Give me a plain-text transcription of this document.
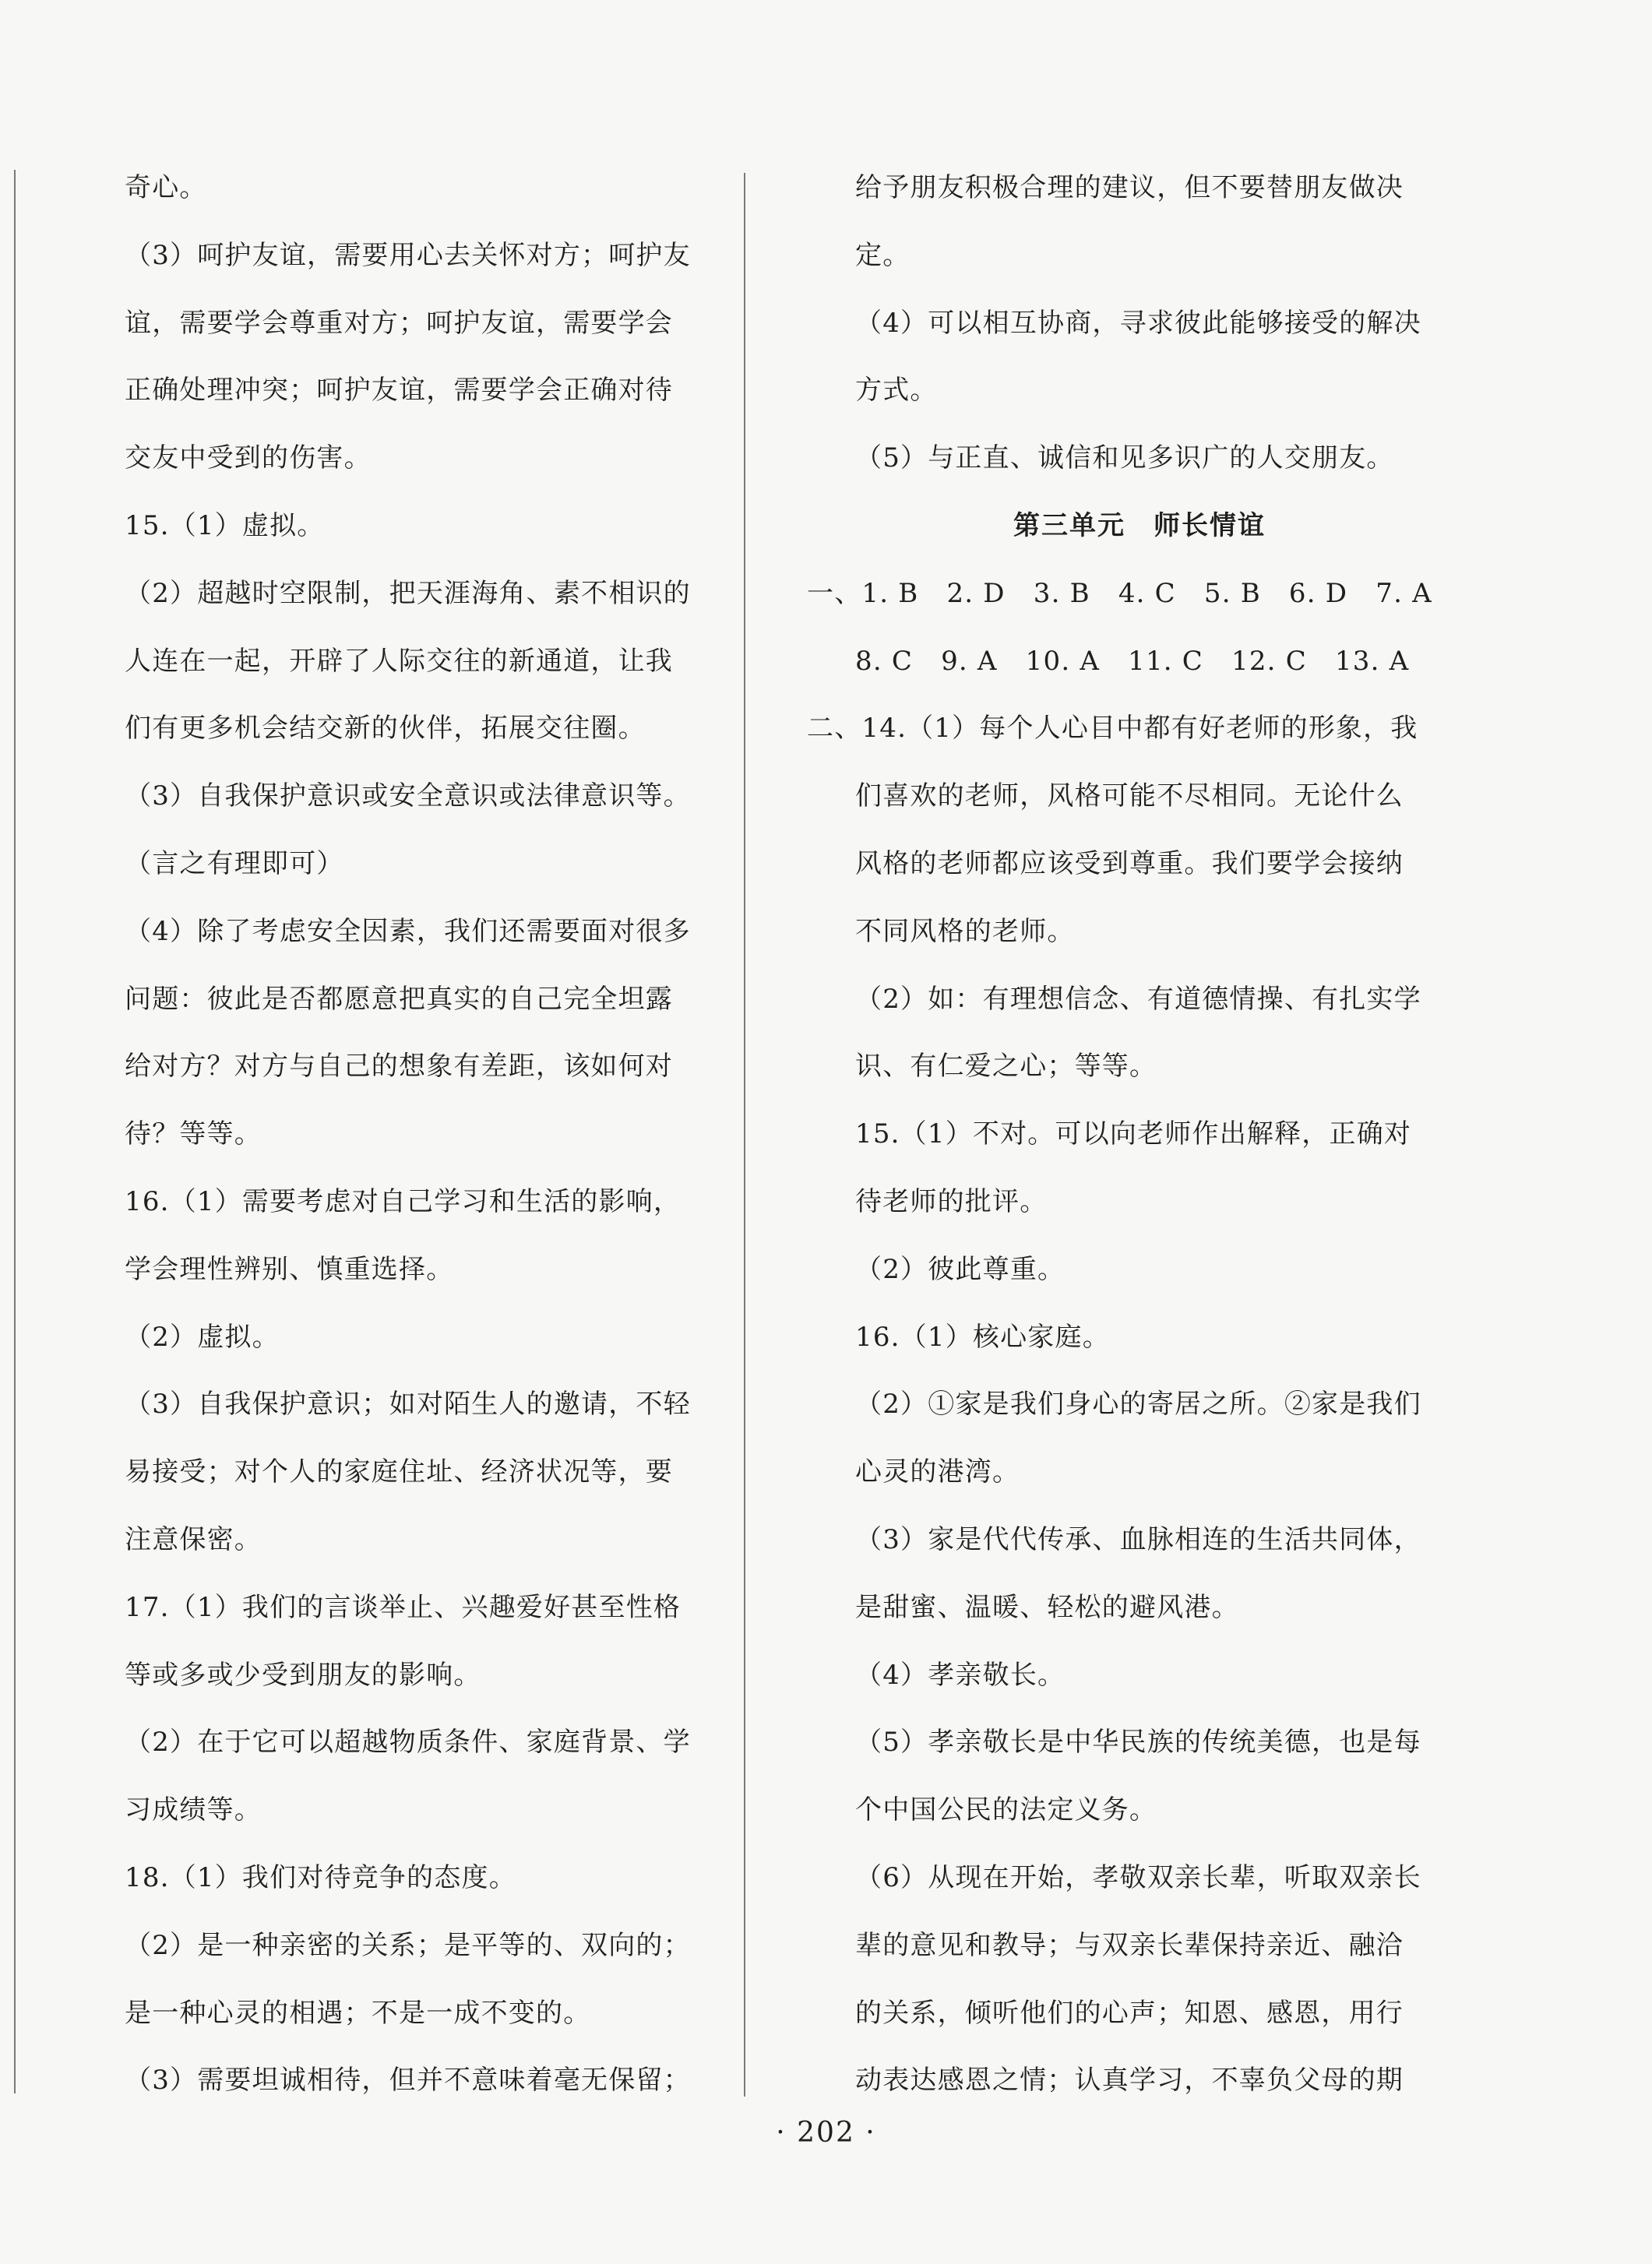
奇心。
（3）呵护友谊，需要用心去关怀对方；呵护友
谊，需要学会尊重对方；呵护友谊，需要学会
正确处理冲突；呵护友谊，需要学会正确对待
交友中受到的伤害。
15.（1）虚拟。
（2）超越时空限制，把天涯海角、素不相识的
人连在一起，开辟了人际交往的新通道，让我
们有更多机会结交新的伙伴，拓展交往圈。
（3）自我保护意识或安全意识或法律意识等。
（言之有理即可）
（4）除了考虑安全因素，我们还需要面对很多
问题：彼此是否都愿意把真实的自己完全坦露
给对方？对方与自己的想象有差距，该如何对
待？等等。
16.（1）需要考虑对自己学习和生活的影响，
学会理性辨别、慎重选择。
（2）虚拟。
（3）自我保护意识；如对陌生人的邀请，不轻
易接受；对个人的家庭住址、经济状况等，要
注意保密。
17.（1）我们的言谈举止、兴趣爱好甚至性格
等或多或少受到朋友的影响。
（2）在于它可以超越物质条件、家庭背景、学
习成绩等。
18.（1）我们对待竞争的态度。
（2）是一种亲密的关系；是平等的、双向的；
是一种心灵的相遇；不是一成不变的。
（3）需要坦诚相待，但并不意味着毫无保留；
给予朋友积极合理的建议，但不要替朋友做决
定。
（4）可以相互协商，寻求彼此能够接受的解决
方式。
（5）与正直、诚信和见多识广的人交朋友。
第三单元　师长情谊
一、1. B 2. D 3. B 4. C 5. B 6. D 7. A
8. C 9. A 10. A 11. C 12. C 13. A
二、14.（1）每个人心目中都有好老师的形象，我
们喜欢的老师，风格可能不尽相同。无论什么
风格的老师都应该受到尊重。我们要学会接纳
不同风格的老师。
（2）如：有理想信念、有道德情操、有扎实学
识、有仁爱之心；等等。
15.（1）不对。可以向老师作出解释，正确对
待老师的批评。
（2）彼此尊重。
16.（1）核心家庭。
（2）①家是我们身心的寄居之所。②家是我们
心灵的港湾。
（3）家是代代传承、血脉相连的生活共同体，
是甜蜜、温暖、轻松的避风港。
（4）孝亲敬长。
（5）孝亲敬长是中华民族的传统美德，也是每
个中国公民的法定义务。
（6）从现在开始，孝敬双亲长辈，听取双亲长
辈的意见和教导；与双亲长辈保持亲近、融洽
的关系，倾听他们的心声；知恩、感恩，用行
动表达感恩之情；认真学习，不辜负父母的期
· 202 ·
